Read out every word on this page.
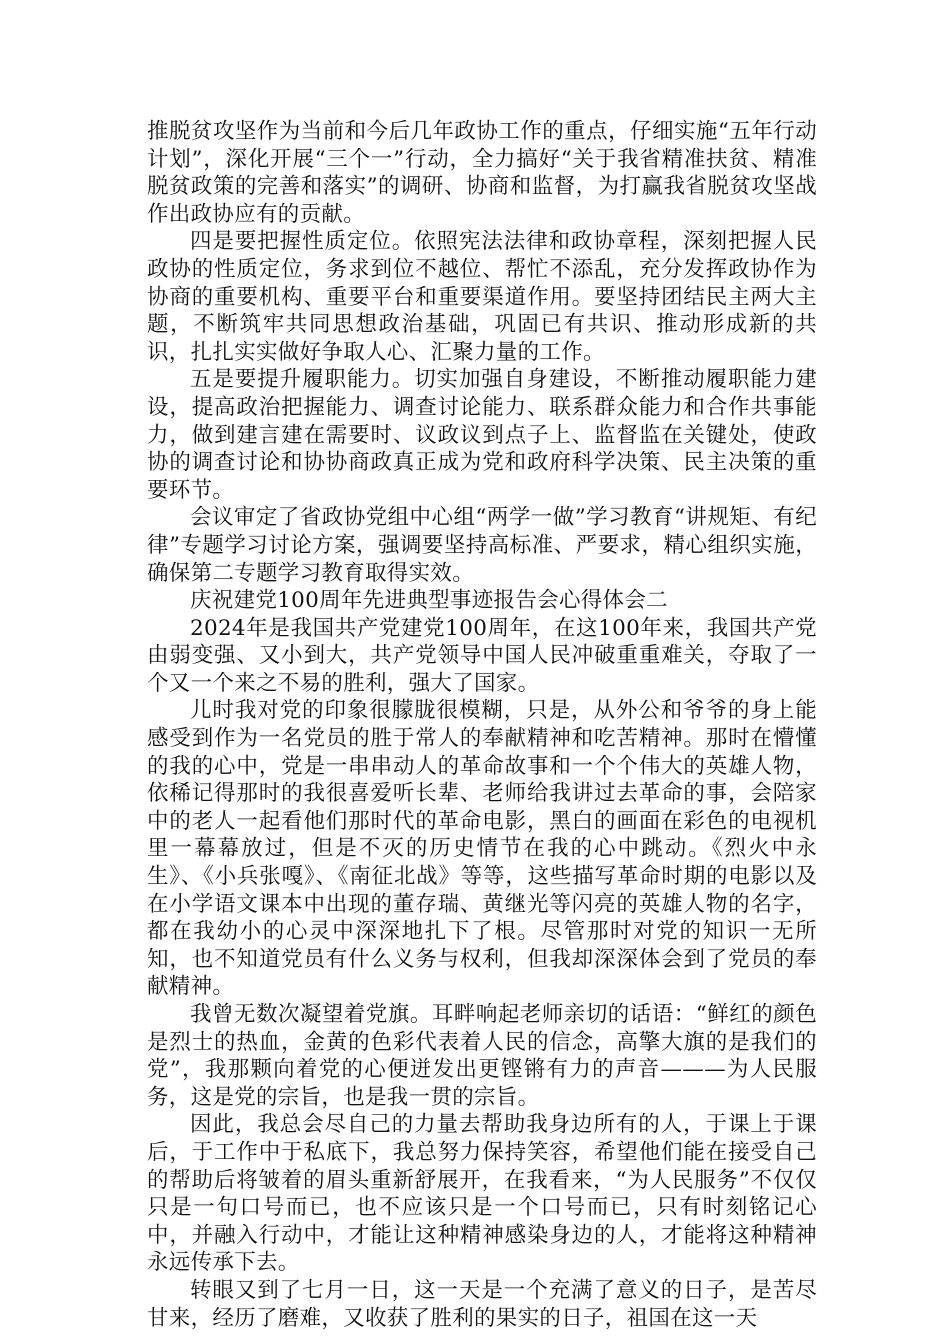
推脱贫攻坚作为当前和今后几年政协工作的重点，仔细实施“五年行动计划”，深化开展“三个一”行动，全力搞好“关于我省精准扶贫、精准脱贫政策的完善和落实”的调研、协商和监督，为打赢我省脱贫攻坚战作出政协应有的贡献。

四是要把握性质定位。依照宪法法律和政协章程，深刻把握人民政协的性质定位，务求到位不越位、帮忙不添乱，充分发挥政协作为协商的重要机构、重要平台和重要渠道作用。要坚持团结民主两大主题，不断筑牢共同思想政治基础，巩固已有共识、推动形成新的共识，扎扎实实做好争取人心、汇聚力量的工作。

五是要提升履职能力。切实加强自身建设，不断推动履职能力建设，提高政治把握能力、调查讨论能力、联系群众能力和合作共事能力，做到建言建在需要时、议政议到点子上、监督监在关键处，使政协的调查讨论和协协商政真正成为党和政府科学决策、民主决策的重要环节。

会议审定了省政协党组中心组“两学一做”学习教育“讲规矩、有纪律”专题学习讨论方案，强调要坚持高标准、严要求，精心组织实施，确保第二专题学习教育取得实效。

庆祝建党100周年先进典型事迹报告会心得体会二

2024年是我国共产党建党100周年，在这100年来，我国共产党由弱变强、又小到大，共产党领导中国人民冲破重重难关，夺取了一个又一个来之不易的胜利，强大了国家。

儿时我对党的印象很朦胧很模糊，只是，从外公和爷爷的身上能感受到作为一名党员的胜于常人的奉献精神和吃苦精神。那时在懵懂的我的心中，党是一串串动人的革命故事和一个个伟大的英雄人物，依稀记得那时的我很喜爱听长辈、老师给我讲过去革命的事，会陪家中的老人一起看他们那时代的革命电影，黑白的画面在彩色的电视机里一幕幕放过，但是不灭的历史情节在我的心中跳动。《烈火中永生》、《小兵张嘎》、《南征北战》等等，这些描写革命时期的电影以及在小学语文课本中出现的董存瑞、黄继光等闪亮的英雄人物的名字，都在我幼小的心灵中深深地扎下了根。尽管那时对党的知识一无所知，也不知道党员有什么义务与权利，但我却深深体会到了党员的奉献精神。

我曾无数次凝望着党旗。耳畔响起老师亲切的话语：“鲜红的颜色是烈士的热血，金黄的色彩代表着人民的信念，高擎大旗的是我们的党”，我那颗向着党的心便迸发出更铿锵有力的声音———为人民服务，这是党的宗旨，也是我一贯的宗旨。

因此，我总会尽自己的力量去帮助我身边所有的人，于课上于课后，于工作中于私底下，我总努力保持笑容，希望他们能在接受自己的帮助后将皱着的眉头重新舒展开，在我看来，“为人民服务”不仅仅只是一句口号而已，也不应该只是一个口号而已，只有时刻铭记心中，并融入行动中，才能让这种精神感染身边的人，才能将这种精神永远传承下去。

转眼又到了七月一日，这一天是一个充满了意义的日子，是苦尽甘来，经历了磨难，又收获了胜利的果实的日子，祖国在这一天
